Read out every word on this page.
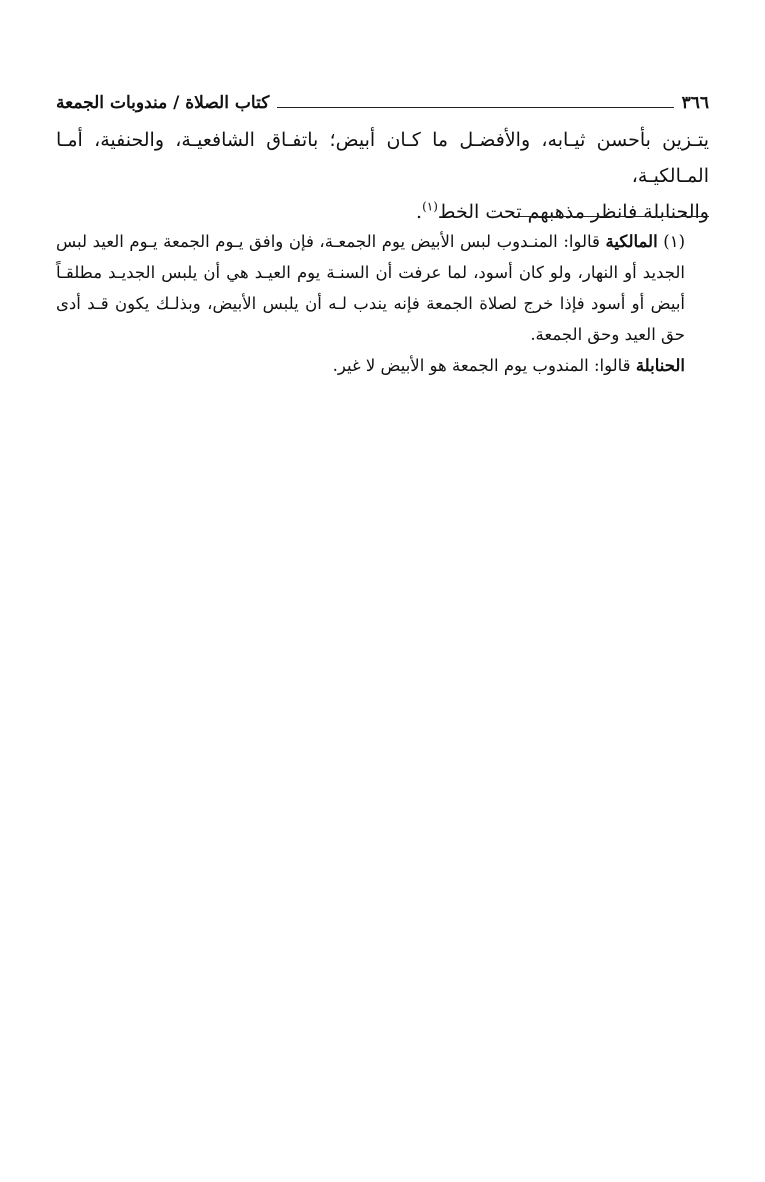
٣٦٦
كتاب الصلاة / مندوبات الجمعة

يتـزين بأحسن ثيـابه، والأفضـل ما كـان أبيض؛ باتفـاق الشافعيـة، والحنفية، أمـا المـالكيـة،

والحنابلة فانظر مذهبهم تحت الخط$^{(١)}$.

(١) المالكية قالوا: المنـدوب لبس الأبيض يوم الجمعـة، فإن وافق يـوم الجمعة يـوم العيد لبس الجديد أو النهار، ولو كان أسود، لما عرفت أن السنـة يوم العيـد هي أن يلبس الجديـد مطلقـاً أبيض أو أسود فإذا خرج لصلاة الجمعة فإنه يندب لـه أن يلبس الأبيض، وبذلـك يكون قـد أدى حق العيد وحق الجمعة.

الحنابلة قالوا: المندوب يوم الجمعة هو الأبيض لا غير.
